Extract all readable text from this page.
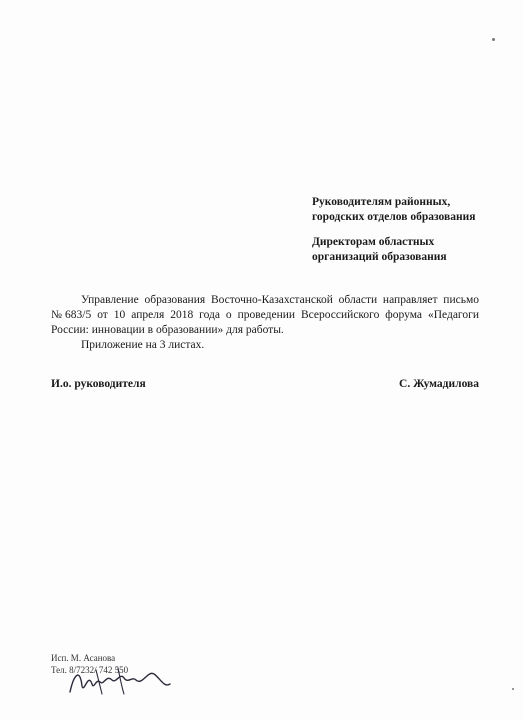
Руководителям районных,
городских отделов образования
Директорам областных
организаций образования

Управление образования Восточно-Казахстанской области направляет письмо №683/5 от 10 апреля 2018 года о проведении Всероссийского форума «Педагоги России: инновации в образовании» для работы.

Приложение на 3 листах.

И.о. руководителя	С. Жумадилова
Исп. М. Асанова
Тел. 8/7232/ 742 550
